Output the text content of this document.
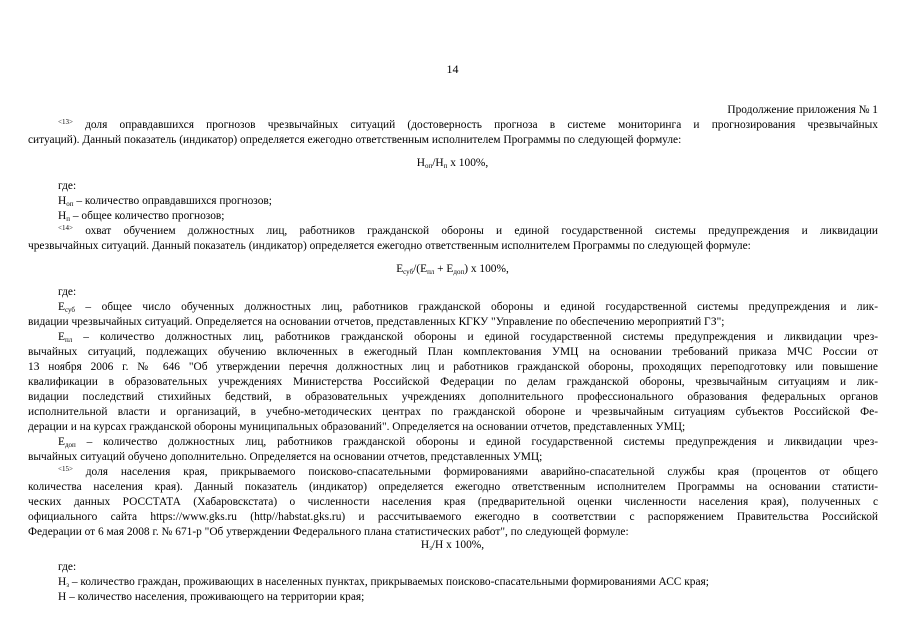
14
Продолжение приложения № 1
$^{<13>}$ доля оправдавшихся прогнозов чрезвычайных ситуаций (достоверность прогноза в системе мониторинга и прогнозирования чрезвычайных
ситуаций). Данный показатель (индикатор) определяется ежегодно ответственным исполнителем Программы по следующей формуле:
$Н_{оп}/Н_п$ x 100%,
где:
$Н_{оп}$ – количество оправдавшихся прогнозов;
$Н_п$ – общее количество прогнозов;
$^{<14>}$ охват обучением должностных лиц, работников гражданской обороны и единой государственной системы предупреждения и ликвидации
чрезвычайных ситуаций. Данный показатель (индикатор) определяется ежегодно ответственным исполнителем Программы по следующей формуле:
$Е_{суб}/(Е_{пл} + Е_{доп})$ x 100%,
где:
$Е_{суб}$ – общее число обученных должностных лиц, работников гражданской обороны и единой государственной системы предупреждения и лик-
видации чрезвычайных ситуаций. Определяется на основании отчетов, представленных КГКУ "Управление по обеспечению мероприятий ГЗ";
$Е_{пл}$ – количество должностных лиц, работников гражданской обороны и единой государственной системы предупреждения и ликвидации чрез-
вычайных ситуаций, подлежащих обучению включенных в ежегодный План комплектования УМЦ на основании требований приказа МЧС России от
13 ноября 2006 г. № 646 "Об утверждении перечня должностных лиц и работников гражданской обороны, проходящих переподготовку или повышение
квалификации в образовательных учреждениях Министерства Российской Федерации по делам гражданской обороны, чрезвычайным ситуациям и лик-
видации последствий стихийных бедствий, в образовательных учреждениях дополнительного профессионального образования федеральных органов
исполнительной власти и организаций, в учебно-методических центрах по гражданской обороне и чрезвычайным ситуациям субъектов Российской Фе-
дерации и на курсах гражданской обороны муниципальных образований". Определяется на основании отчетов, представленных УМЦ;
$Е_{доп}$ – количество должностных лиц, работников гражданской обороны и единой государственной системы предупреждения и ликвидации чрез-
вычайных ситуаций обучено дополнительно. Определяется на основании отчетов, представленных УМЦ;
$^{<15>}$ доля населения края, прикрываемого поисково-спасательными формированиями аварийно-спасательной службы края (процентов от общего
количества населения края). Данный показатель (индикатор) определяется ежегодно ответственным исполнителем Программы на основании статисти-
ческих данных РОССТАТА (Хабаровскстата) о численности населения края (предварительной оценки численности населения края), полученных с
официального сайта https://www.gks.ru (http//habstat.gks.ru) и рассчитываемого ежегодно в соответствии с распоряжением Правительства Российской
Федерации от 6 мая 2008 г. № 671-р "Об утверждении Федерального плана статистических работ", по следующей формуле:
$Н_з/Н$ x 100%,
где:
$Н_з$ – количество граждан, проживающих в населенных пунктах, прикрываемых поисково-спасательными формированиями АСС края;
Н – количество населения, проживающего на территории края;
